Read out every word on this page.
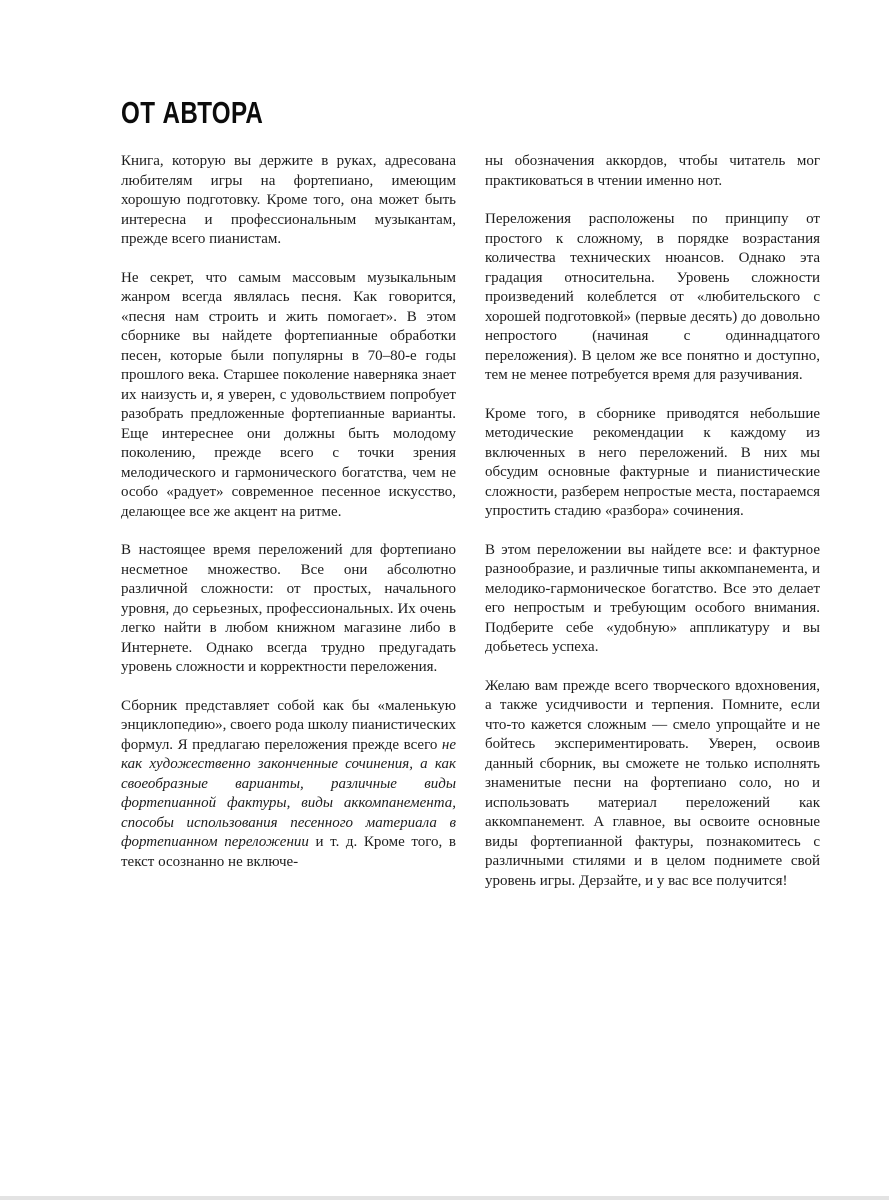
ОТ АВТОРА

Книга, которую вы держите в руках, адресована любителям игры на фортепиано, имеющим хорошую подготовку. Кроме того, она может быть интересна и профессиональным музыкантам, прежде всего пианистам.

Не секрет, что самым массовым музыкальным жанром всегда являлась песня. Как говорится, «песня нам строить и жить помогает». В этом сборнике вы найдете фортепианные обработки песен, которые были популярны в 70–80-е годы прошлого века. Старшее поколение наверняка знает их наизусть и, я уверен, с удовольствием попробует разобрать предложенные фортепианные варианты. Еще интереснее они должны быть молодому поколению, прежде всего с точки зрения мелодического и гармонического богатства, чем не особо «радует» современное песенное искусство, делающее все же акцент на ритме.

В настоящее время переложений для фортепиано несметное множество. Все они абсолютно различной сложности: от простых, начального уровня, до серьезных, профессиональных. Их очень легко найти в любом книжном магазине либо в Интернете. Однако всегда трудно предугадать уровень сложности и корректности переложения.

Сборник представляет собой как бы «маленькую энциклопедию», своего рода школу пианистических формул. Я предлагаю переложения прежде всего не как художественно законченные сочинения, а как своеобразные варианты, различные виды фортепианной фактуры, виды аккомпанемента, способы использования песенного материала в фортепианном переложении и т. д. Кроме того, в текст осознанно не включе-

ны обозначения аккордов, чтобы читатель мог практиковаться в чтении именно нот.

Переложения расположены по принципу от простого к сложному, в порядке возрастания количества технических нюансов. Однако эта градация относительна. Уровень сложности произведений колеблется от «любительского с хорошей подготовкой» (первые десять) до довольно непростого (начиная с одиннадцатого переложения). В целом же все понятно и доступно, тем не менее потребуется время для разучивания.

Кроме того, в сборнике приводятся небольшие методические рекомендации к каждому из включенных в него переложений. В них мы обсудим основные фактурные и пианистические сложности, разберем непростые места, постараемся упростить стадию «разбора» сочинения.

В этом переложении вы найдете все: и фактурное разнообразие, и различные типы аккомпанемента, и мелодико-гармоническое богатство. Все это делает его непростым и требующим особого внимания. Подберите себе «удобную» аппликатуру и вы добьетесь успеха.

Желаю вам прежде всего творческого вдохновения, а также усидчивости и терпения. Помните, если что-то кажется сложным — смело упрощайте и не бойтесь экспериментировать. Уверен, освоив данный сборник, вы сможете не только исполнять знаменитые песни на фортепиано соло, но и использовать материал переложений как аккомпанемент. А главное, вы освоите основные виды фортепианной фактуры, познакомитесь с различными стилями и в целом поднимете свой уровень игры. Дерзайте, и у вас все получится!
